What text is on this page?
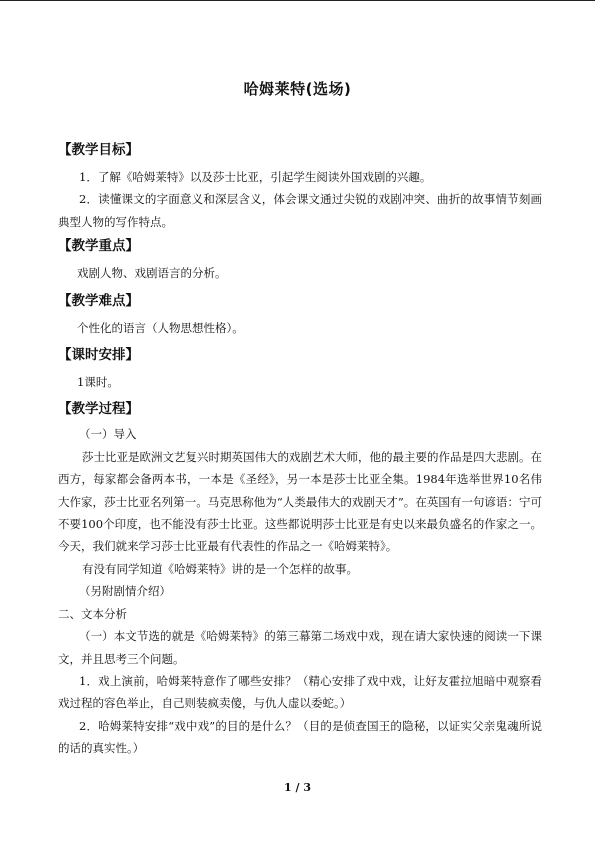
哈姆莱特(选场)
【教学目标】

1．了解《哈姆莱特》以及莎士比亚，引起学生阅读外国戏剧的兴趣。

2．读懂课文的字面意义和深层含义，体会课文通过尖锐的戏剧冲突、曲折的故事情节刻画典型人物的写作特点。

【教学重点】

戏剧人物、戏剧语言的分析。

【教学难点】

个性化的语言（人物思想性格）。

【课时安排】

1课时。

【教学过程】

（一）导入

莎士比亚是欧洲文艺复兴时期英国伟大的戏剧艺术大师，他的最主要的作品是四大悲剧。在西方，每家都会备两本书，一本是《圣经》，另一本是莎士比亚全集。1984年选举世界10名伟大作家，莎士比亚名列第一。马克思称他为“人类最伟大的戏剧天才”。在英国有一句谚语：宁可不要100个印度，也不能没有莎士比亚。这些都说明莎士比亚是有史以来最负盛名的作家之一。今天，我们就来学习莎士比亚最有代表性的作品之一《哈姆莱特》。

有没有同学知道《哈姆莱特》讲的是一个怎样的故事。

（另附剧情介绍）

二、文本分析

（一）本文节选的就是《哈姆莱特》的第三幕第二场戏中戏，现在请大家快速的阅读一下课文，并且思考三个问题。

1．戏上演前，哈姆莱特意作了哪些安排？（精心安排了戏中戏，让好友霍拉旭暗中观察看戏过程的容色举止，自己则装疯卖傻，与仇人虚以委蛇。）

2．哈姆莱特安排“戏中戏”的目的是什么？（目的是侦查国王的隐秘，以证实父亲鬼魂所说的话的真实性。）

1 / 3
